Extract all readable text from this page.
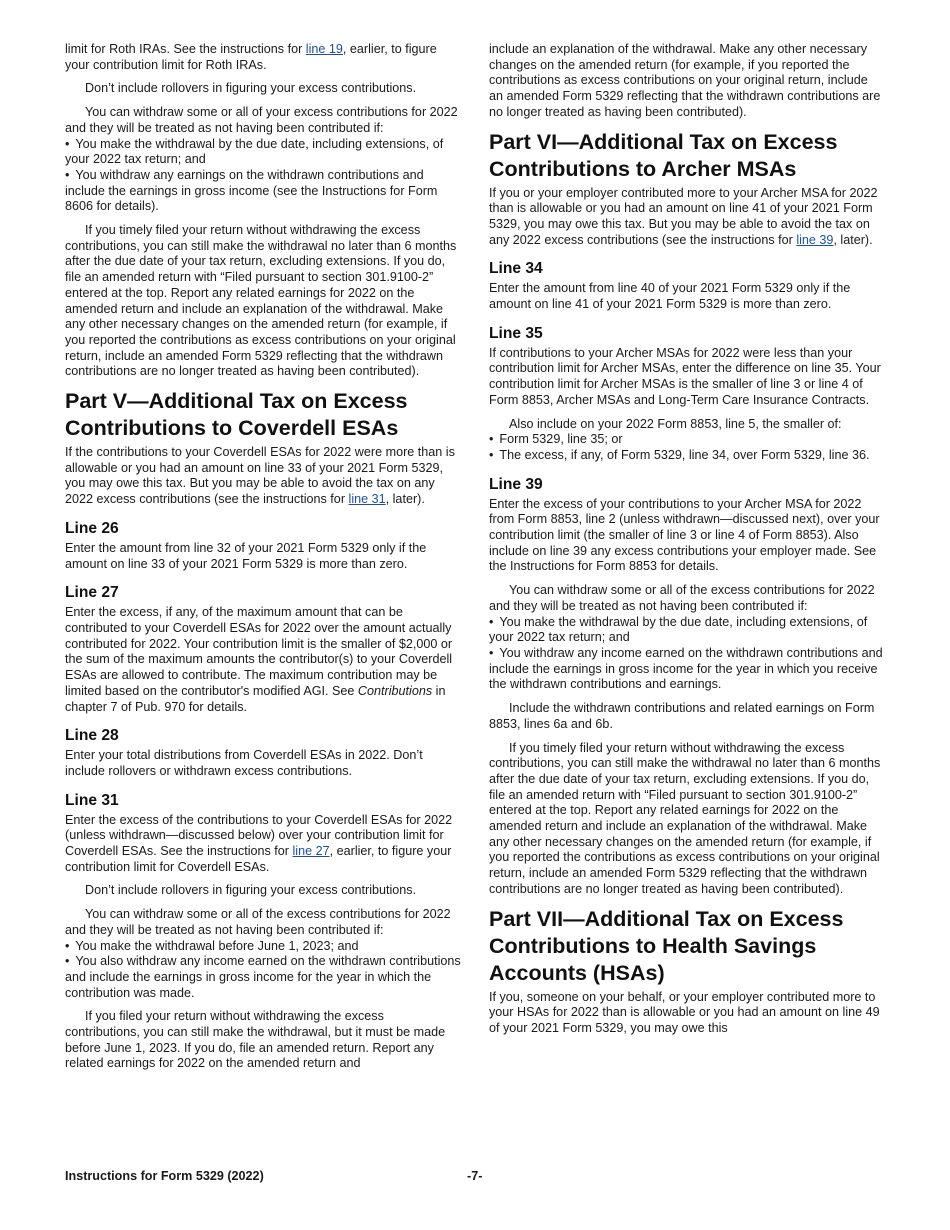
limit for Roth IRAs. See the instructions for line 19, earlier, to figure your contribution limit for Roth IRAs.

Don’t include rollovers in figuring your excess contributions.

You can withdraw some or all of your excess contributions for 2022 and they will be treated as not having been contributed if:

• You make the withdrawal by the due date, including extensions, of your 2022 tax return; and
• You withdraw any earnings on the withdrawn contributions and include the earnings in gross income (see the Instructions for Form 8606 for details).

If you timely filed your return without withdrawing the excess contributions, you can still make the withdrawal no later than 6 months after the due date of your tax return, excluding extensions. If you do, file an amended return with “Filed pursuant to section 301.9100-2” entered at the top. Report any related earnings for 2022 on the amended return and include an explanation of the withdrawal. Make any other necessary changes on the amended return (for example, if you reported the contributions as excess contributions on your original return, include an amended Form 5329 reflecting that the withdrawn contributions are no longer treated as having been contributed).

Part V—Additional Tax on Excess Contributions to Coverdell ESAs

If the contributions to your Coverdell ESAs for 2022 were more than is allowable or you had an amount on line 33 of your 2021 Form 5329, you may owe this tax. But you may be able to avoid the tax on any 2022 excess contributions (see the instructions for line 31, later).

Line 26

Enter the amount from line 32 of your 2021 Form 5329 only if the amount on line 33 of your 2021 Form 5329 is more than zero.

Line 27

Enter the excess, if any, of the maximum amount that can be contributed to your Coverdell ESAs for 2022 over the amount actually contributed for 2022. Your contribution limit is the smaller of $2,000 or the sum of the maximum amounts the contributor(s) to your Coverdell ESAs are allowed to contribute. The maximum contribution may be limited based on the contributor's modified AGI. See Contributions in chapter 7 of Pub. 970 for details.

Line 28

Enter your total distributions from Coverdell ESAs in 2022. Don’t include rollovers or withdrawn excess contributions.

Line 31

Enter the excess of the contributions to your Coverdell ESAs for 2022 (unless withdrawn—discussed below) over your contribution limit for Coverdell ESAs. See the instructions for line 27, earlier, to figure your contribution limit for Coverdell ESAs.

Don’t include rollovers in figuring your excess contributions.

You can withdraw some or all of the excess contributions for 2022 and they will be treated as not having been contributed if:

• You make the withdrawal before June 1, 2023; and
• You also withdraw any income earned on the withdrawn contributions and include the earnings in gross income for the year in which the contribution was made.

If you filed your return without withdrawing the excess contributions, you can still make the withdrawal, but it must be made before June 1, 2023. If you do, file an amended return. Report any related earnings for 2022 on the amended return and

include an explanation of the withdrawal. Make any other necessary changes on the amended return (for example, if you reported the contributions as excess contributions on your original return, include an amended Form 5329 reflecting that the withdrawn contributions are no longer treated as having been contributed).

Part VI—Additional Tax on Excess Contributions to Archer MSAs

If you or your employer contributed more to your Archer MSA for 2022 than is allowable or you had an amount on line 41 of your 2021 Form 5329, you may owe this tax. But you may be able to avoid the tax on any 2022 excess contributions (see the instructions for line 39, later).

Line 34

Enter the amount from line 40 of your 2021 Form 5329 only if the amount on line 41 of your 2021 Form 5329 is more than zero.

Line 35

If contributions to your Archer MSAs for 2022 were less than your contribution limit for Archer MSAs, enter the difference on line 35. Your contribution limit for Archer MSAs is the smaller of line 3 or line 4 of Form 8853, Archer MSAs and Long-Term Care Insurance Contracts.

Also include on your 2022 Form 8853, line 5, the smaller of:

• Form 5329, line 35; or
• The excess, if any, of Form 5329, line 34, over Form 5329, line 36.
Line 39

Enter the excess of your contributions to your Archer MSA for 2022 from Form 8853, line 2 (unless withdrawn—discussed next), over your contribution limit (the smaller of line 3 or line 4 of Form 8853). Also include on line 39 any excess contributions your employer made. See the Instructions for Form 8853 for details.

You can withdraw some or all of the excess contributions for 2022 and they will be treated as not having been contributed if:

• You make the withdrawal by the due date, including extensions, of your 2022 tax return; and
• You withdraw any income earned on the withdrawn contributions and include the earnings in gross income for the year in which you receive the withdrawn contributions and earnings.

Include the withdrawn contributions and related earnings on Form 8853, lines 6a and 6b.

If you timely filed your return without withdrawing the excess contributions, you can still make the withdrawal no later than 6 months after the due date of your tax return, excluding extensions. If you do, file an amended return with “Filed pursuant to section 301.9100-2” entered at the top. Report any related earnings for 2022 on the amended return and include an explanation of the withdrawal. Make any other necessary changes on the amended return (for example, if you reported the contributions as excess contributions on your original return, include an amended Form 5329 reflecting that the withdrawn contributions are no longer treated as having been contributed).

Part VII—Additional Tax on Excess Contributions to Health Savings Accounts (HSAs)

If you, someone on your behalf, or your employer contributed more to your HSAs for 2022 than is allowable or you had an amount on line 49 of your 2021 Form 5329, you may owe this

Instructions for Form 5329 (2022)	-7-
